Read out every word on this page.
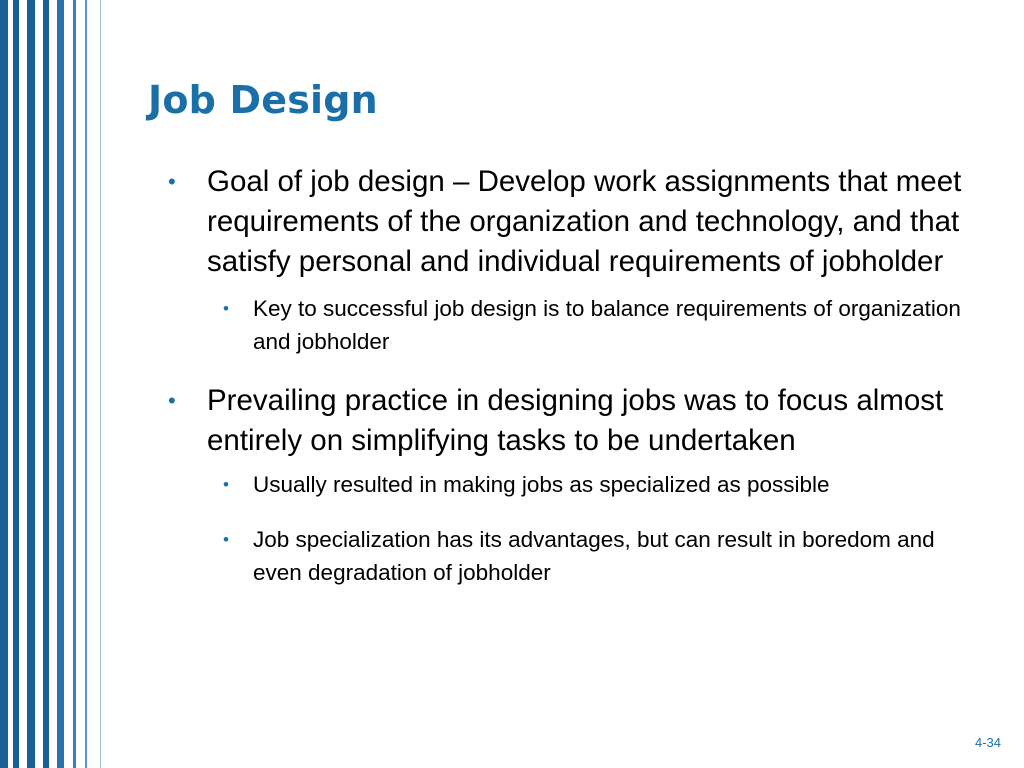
Job Design

• Goal of job design – Develop work assignments that meet requirements of the organization and technology, and that satisfy personal and individual requirements of jobholder

• Key to successful job design is to balance requirements of organization and jobholder

• Prevailing practice in designing jobs was to focus almost entirely on simplifying tasks to be undertaken

• Usually resulted in making jobs as specialized as possible

• Job specialization has its advantages, but can result in boredom and even degradation of jobholder

4-34
